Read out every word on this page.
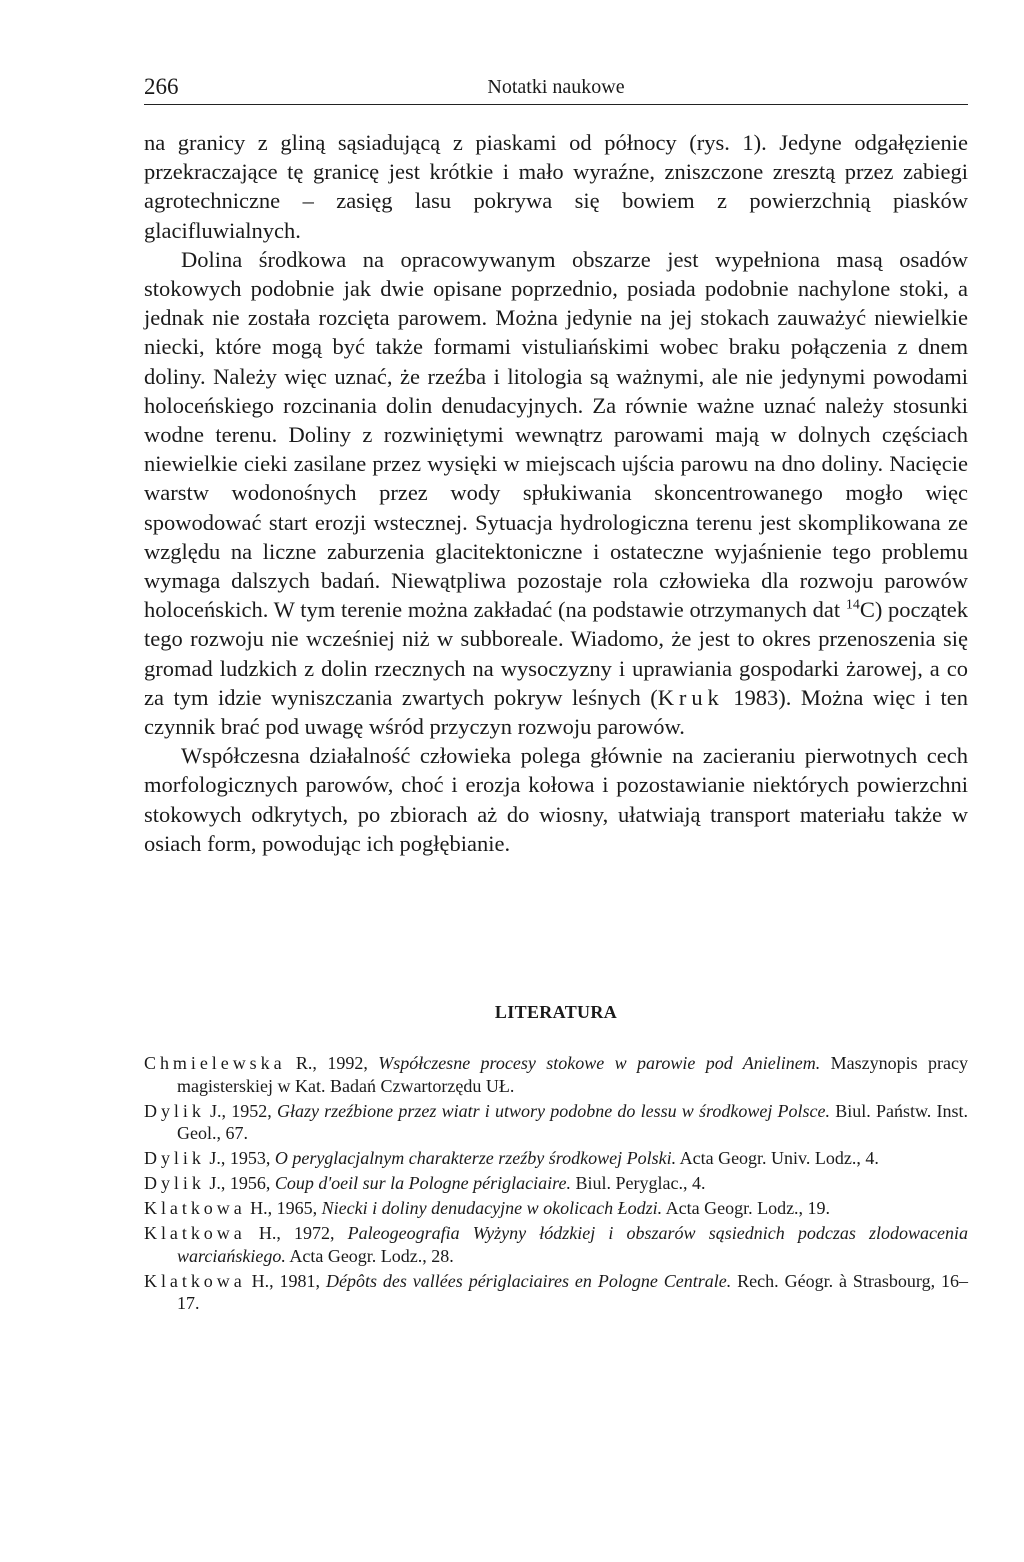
266	Notatki naukowe

na granicy z gliną sąsiadującą z piaskami od północy (rys. 1). Jedyne odgałęzienie przekraczające tę granicę jest krótkie i mało wyraźne, zniszczone zresztą przez zabiegi agrotechniczne – zasięg lasu pokrywa się bowiem z powierzchnią piasków glacifluwialnych.

Dolina środkowa na opracowywanym obszarze jest wypełniona masą osadów stokowych podobnie jak dwie opisane poprzednio, posiada podobnie nachylone stoki, a jednak nie została rozcięta parowem. Można jedynie na jej stokach zauważyć niewielkie niecki, które mogą być także formami vistuliańskimi wobec braku połączenia z dnem doliny. Należy więc uznać, że rzeźba i litologia są ważnymi, ale nie jedynymi powodami holoceńskiego rozcinania dolin denudacyjnych. Za równie ważne uznać należy stosunki wodne terenu. Doliny z rozwiniętymi wewnątrz parowami mają w dolnych częściach niewielkie cieki zasilane przez wysięki w miejscach ujścia parowu na dno doliny. Nacięcie warstw wodonośnych przez wody spłukiwania skoncentrowanego mogło więc spowodować start erozji wstecznej. Sytuacja hydrologiczna terenu jest skomplikowana ze względu na liczne zaburzenia glacitektoniczne i ostateczne wyjaśnienie tego problemu wymaga dalszych badań. Niewątpliwa pozostaje rola człowieka dla rozwoju parowów holoceńskich. W tym terenie można zakładać (na podstawie otrzymanych dat $^{14}$C) początek tego rozwoju nie wcześniej niż w subboreale. Wiadomo, że jest to okres przenoszenia się gromad ludzkich z dolin rzecznych na wysoczyzny i uprawiania gospodarki żarowej, a co za tym idzie wyniszczania zwartych pokryw leśnych (Kruk 1983). Można więc i ten czynnik brać pod uwagę wśród przyczyn rozwoju parowów.

Współczesna działalność człowieka polega głównie na zacieraniu pierwotnych cech morfologicznych parowów, choć i erozja kołowa i pozostawianie niektórych powierzchni stokowych odkrytych, po zbiorach aż do wiosny, ułatwiają transport materiału także w osiach form, powodując ich pogłębianie.

LITERATURA

Chmielewska R., 1992, Współczesne procesy stokowe w parowie pod Anielinem. Maszynopis pracy magisterskiej w Kat. Badań Czwartorzędu UŁ.

Dylik J., 1952, Głazy rzeźbione przez wiatr i utwory podobne do lessu w środkowej Polsce. Biul. Państw. Inst. Geol., 67.

Dylik J., 1953, O peryglacjalnym charakterze rzeźby środkowej Polski. Acta Geogr. Univ. Lodz., 4.

Dylik J., 1956, Coup d'oeil sur la Pologne périglaciaire. Biul. Peryglac., 4.

Klatkowa H., 1965, Niecki i doliny denudacyjne w okolicach Łodzi. Acta Geogr. Lodz., 19.

Klatkowa H., 1972, Paleogeografia Wyżyny łódzkiej i obszarów sąsiednich podczas zlodowacenia warciańskiego. Acta Geogr. Lodz., 28.

Klatkowa H., 1981, Dépôts des vallées périglaciaires en Pologne Centrale. Rech. Géogr. à Strasbourg, 16–17.
